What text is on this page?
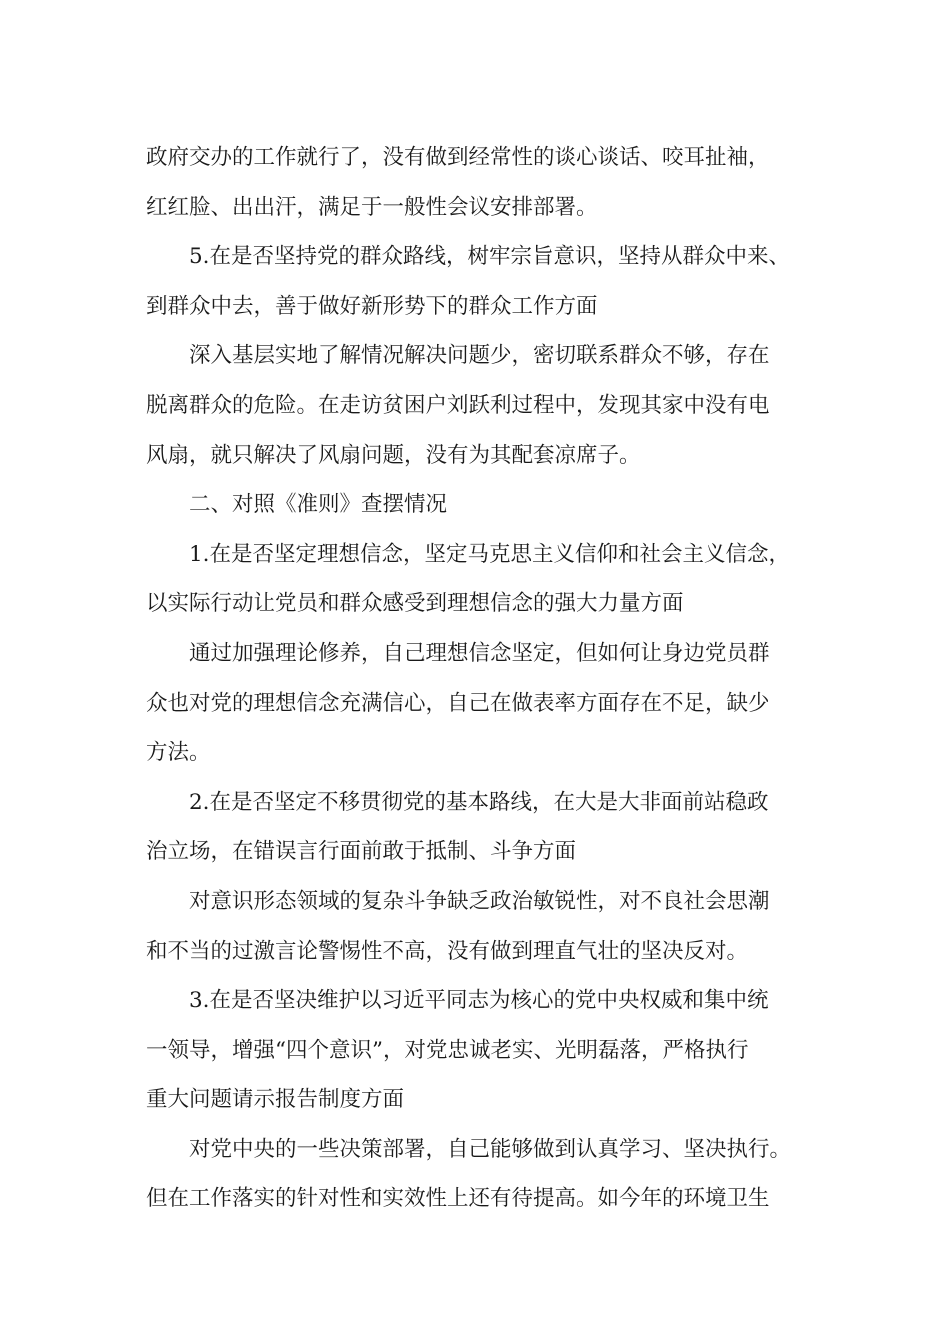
政府交办的工作就行了，没有做到经常性的谈心谈话、咬耳扯袖，
红红脸、出出汗，满足于一般性会议安排部署。
5.在是否坚持党的群众路线，树牢宗旨意识，坚持从群众中来、
到群众中去，善于做好新形势下的群众工作方面
深入基层实地了解情况解决问题少，密切联系群众不够，存在
脱离群众的危险。在走访贫困户刘跃利过程中，发现其家中没有电
风扇，就只解决了风扇问题，没有为其配套凉席子。
二、对照《准则》查摆情况
1.在是否坚定理想信念，坚定马克思主义信仰和社会主义信念，
以实际行动让党员和群众感受到理想信念的强大力量方面
通过加强理论修养，自己理想信念坚定，但如何让身边党员群
众也对党的理想信念充满信心，自己在做表率方面存在不足，缺少
方法。
2.在是否坚定不移贯彻党的基本路线，在大是大非面前站稳政
治立场，在错误言行面前敢于抵制、斗争方面
对意识形态领域的复杂斗争缺乏政治敏锐性，对不良社会思潮
和不当的过激言论警惕性不高，没有做到理直气壮的坚决反对。
3.在是否坚决维护以习近平同志为核心的党中央权威和集中统
一领导，增强“四个意识”，对党忠诚老实、光明磊落，严格执行
重大问题请示报告制度方面
对党中央的一些决策部署，自己能够做到认真学习、坚决执行。
但在工作落实的针对性和实效性上还有待提高。如今年的环境卫生
